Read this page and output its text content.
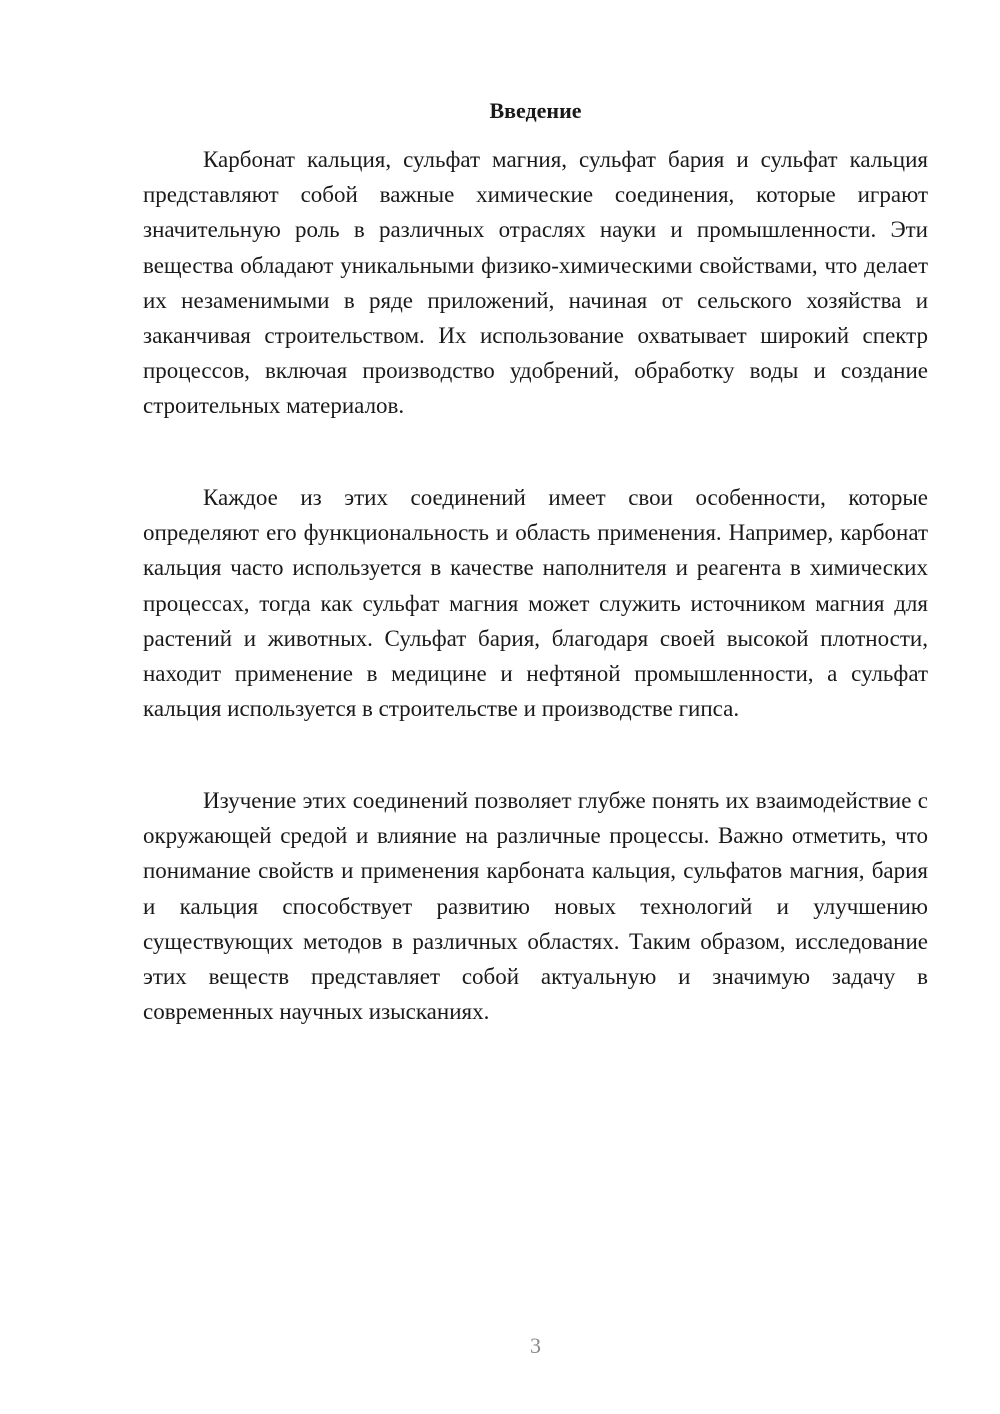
Введение

Карбонат кальция, сульфат магния, сульфат бария и сульфат кальция представляют собой важные химические соединения, которые играют значительную роль в различных отраслях науки и промышленности. Эти вещества обладают уникальными физико-химическими свойствами, что делает их незаменимыми в ряде приложений, начиная от сельского хозяйства и заканчивая строительством. Их использование охватывает широкий спектр процессов, включая производство удобрений, обработку воды и создание строительных материалов.

Каждое из этих соединений имеет свои особенности, которые определяют его функциональность и область применения. Например, карбонат кальция часто используется в качестве наполнителя и реагента в химических процессах, тогда как сульфат магния может служить источником магния для растений и животных. Сульфат бария, благодаря своей высокой плотности, находит применение в медицине и нефтяной промышленности, а сульфат кальция используется в строительстве и производстве гипса.

Изучение этих соединений позволяет глубже понять их взаимодействие с окружающей средой и влияние на различные процессы. Важно отметить, что понимание свойств и применения карбоната кальция, сульфатов магния, бария и кальция способствует развитию новых технологий и улучшению существующих методов в различных областях. Таким образом, исследование этих веществ представляет собой актуальную и значимую задачу в современных научных изысканиях.

3
